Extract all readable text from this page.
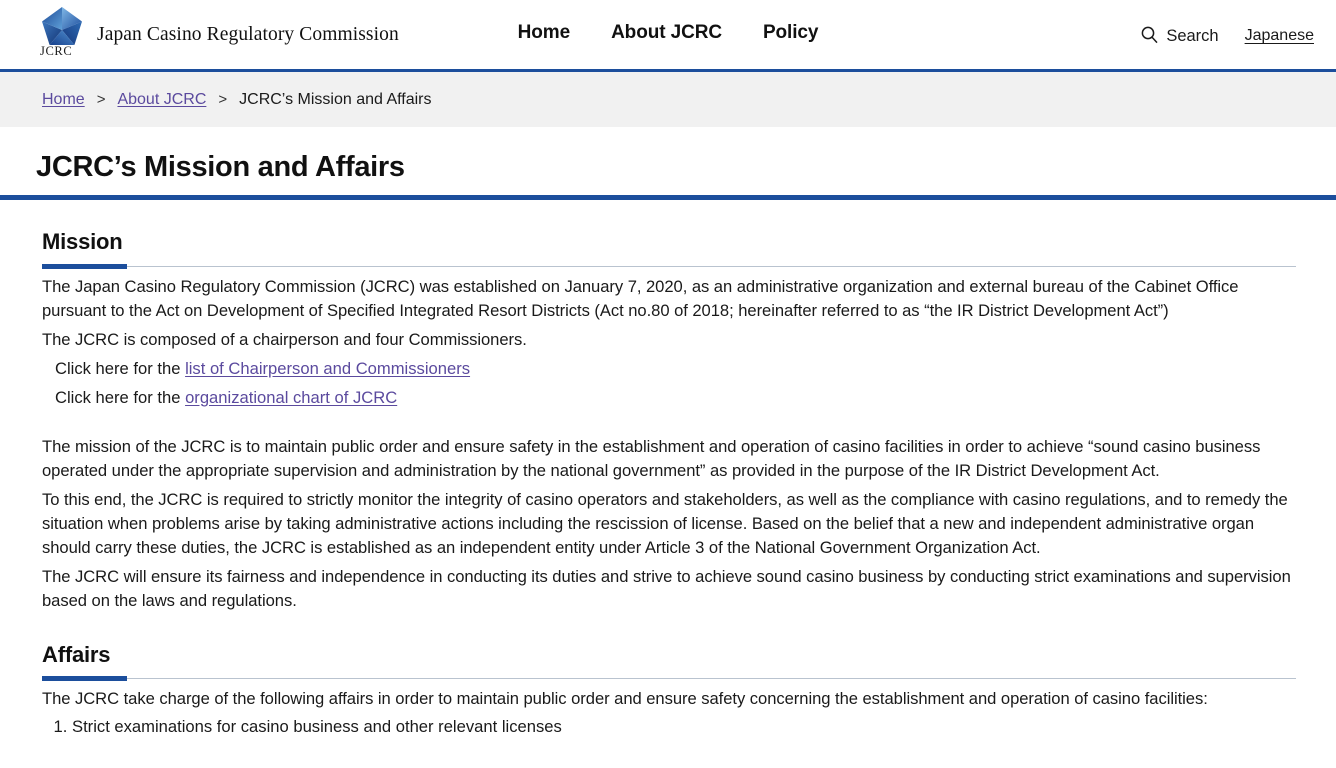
Japan Casino Regulatory Commission
JCRC
Home About JCRC Policy	Search Japanese
Home > About JCRC > JCRC’s Mission and Affairs
JCRC’s Mission and Affairs
Mission

The Japan Casino Regulatory Commission (JCRC) was established on January 7, 2020, as an administrative organization and external bureau of the Cabinet Office pursuant to the Act on Development of Specified Integrated Resort Districts (Act no.80 of 2018; hereinafter referred to as “the IR District Development Act”)

The JCRC is composed of a chairperson and four Commissioners.

Click here for the list of Chairperson and Commissioners
Click here for the organizational chart of JCRC

The mission of the JCRC is to maintain public order and ensure safety in the establishment and operation of casino facilities in order to achieve “sound casino business operated under the appropriate supervision and administration by the national government” as provided in the purpose of the IR District Development Act.

To this end, the JCRC is required to strictly monitor the integrity of casino operators and stakeholders, as well as the compliance with casino regulations, and to remedy the situation when problems arise by taking administrative actions including the rescission of license. Based on the belief that a new and independent administrative organ should carry these duties, the JCRC is established as an independent entity under Article 3 of the National Government Organization Act.

The JCRC will ensure its fairness and independence in conducting its duties and strive to achieve sound casino business by conducting strict examinations and supervision based on the laws and regulations.

Affairs

The JCRC take charge of the following affairs in order to maintain public order and ensure safety concerning the establishment and operation of casino facilities:

1. Strict examinations for casino business and other relevant licenses
